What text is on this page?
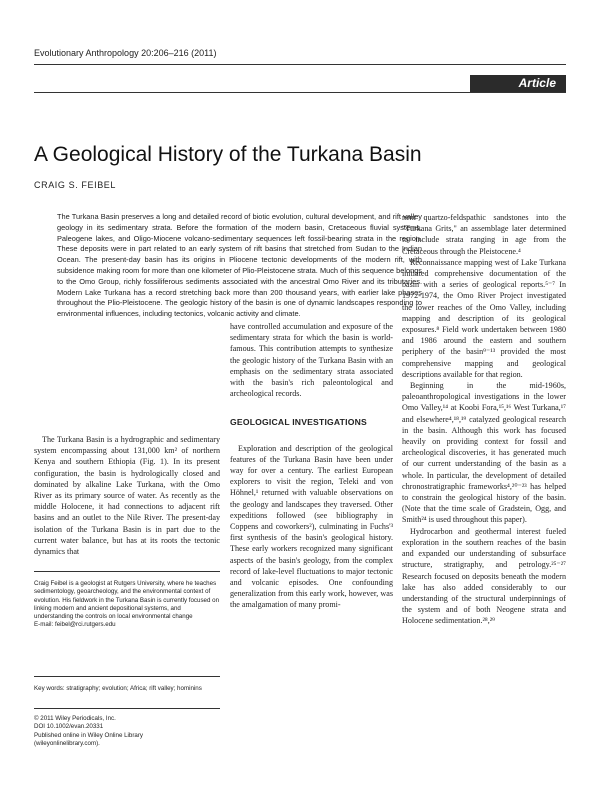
Evolutionary Anthropology 20:206–216 (2011)
Article
A Geological History of the Turkana Basin
CRAIG S. FEIBEL

The Turkana Basin preserves a long and detailed record of biotic evolution, cultural development, and rift valley geology in its sedimentary strata. Before the formation of the modern basin, Cretaceous fluvial systems, Paleogene lakes, and Oligo-Miocene volcano-sedimentary sequences left fossil-bearing strata in the region. These deposits were in part related to an early system of rift basins that stretched from Sudan to the Indian Ocean. The present-day basin has its origins in Pliocene tectonic developments of the modern rift, with subsidence making room for more than one kilometer of Plio-Pleistocene strata. Much of this sequence belongs to the Omo Group, richly fossiliferous sediments associated with the ancestral Omo River and its tributaries. Modern Lake Turkana has a record stretching back more than 200 thousand years, with earlier lake phases throughout the Plio-Pleistocene. The geologic history of the basin is one of dynamic landscapes responding to environmental influences, including tectonics, volcanic activity and climate.

The Turkana Basin is a hydrographic and sedimentary system encompassing about 131,000 km² of northern Kenya and southern Ethiopia (Fig. 1). In its present configuration, the basin is hydrologically closed and dominated by alkaline Lake Turkana, with the Omo River as its primary source of water. As recently as the middle Holocene, it had connections to adjacent rift basins and an outlet to the Nile River. The present-day isolation of the Turkana Basin is in part due to the current water balance, but has at its roots the tectonic dynamics that

have controlled accumulation and exposure of the sedimentary strata for which the basin is world-famous. This contribution attempts to synthesize the geologic history of the Turkana Basin with an emphasis on the sedimentary strata associated with the basin's rich paleontological and archeological records.

GEOLOGICAL INVESTIGATIONS

Exploration and description of the geological features of the Turkana Basin have been under way for over a century. The earliest European explorers to visit the region, Teleki and von Höhnel,¹ returned with valuable observations on the geology and landscapes they traversed. Other expeditions followed (see bibliography in Coppens and coworkers²), culminating in Fuchs'³ first synthesis of the basin's geological history. These early workers recognized many significant aspects of the basin's geology, from the complex record of lake-level fluctuations to major tectonic and volcanic episodes. One confounding generalization from this early work, however, was the amalgamation of many promi-

nent quartzo-feldspathic sandstones into the "Turkana Grits," an assemblage later determined to include strata ranging in age from the Cretaceous through the Pleistocene.⁴

Reconnaissance mapping west of Lake Turkana initiated comprehensive documentation of the basin with a series of geological reports.⁵⁻⁷ In 1972-1974, the Omo River Project investigated the lower reaches of the Omo Valley, including mapping and description of its geological exposures.⁸ Field work undertaken between 1980 and 1986 around the eastern and southern periphery of the basin⁹⁻¹³ provided the most comprehensive mapping and geological descriptions available for that region.

Beginning in the mid-1960s, paleoanthropological investigations in the lower Omo Valley,¹⁴ at Koobi Fora,¹⁵,¹⁶ West Turkana,¹⁷ and elsewhere⁴,¹⁸,¹⁹ catalyzed geological research in the basin. Although this work has focused heavily on providing context for fossil and archeological discoveries, it has generated much of our current understanding of the basin as a whole. In particular, the development of detailed chronostratigraphic frameworks⁴,²⁰⁻²³ has helped to constrain the geological history of the basin. (Note that the time scale of Gradstein, Ogg, and Smith²⁴ is used throughout this paper).

Hydrocarbon and geothermal interest fueled exploration in the southern reaches of the basin and expanded our understanding of subsurface structure, stratigraphy, and petrology.²⁵⁻²⁷ Research focused on deposits beneath the modern lake has also added considerably to our understanding of the structural underpinnings of the system and of both Neogene strata and Holocene sedimentation.²⁸,²⁹

Craig Feibel is a geologist at Rutgers University, where he teaches sedimentology, geoarcheology, and the environmental context of evolution. His fieldwork in the Turkana Basin is currently focused on linking modern and ancient depositional systems, and understanding the controls on local environmental change
E-mail: feibel@rci.rutgers.edu

Key words: stratigraphy; evolution; Africa; rift valley; hominins

© 2011 Wiley Periodicals, Inc.
DOI 10.1002/evan.20331
Published online in Wiley Online Library
(wileyonlinelibrary.com).
